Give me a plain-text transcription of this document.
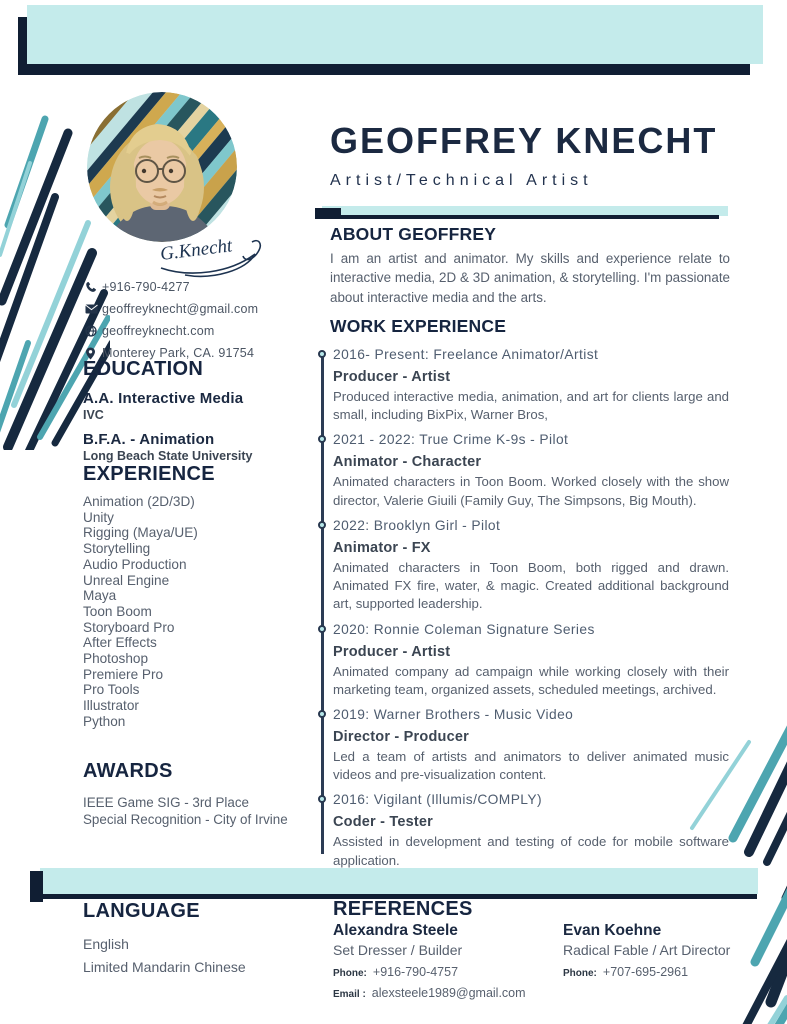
G.Knecht
+916-790-4277
geoffreyknecht@gmail.com
geoffreyknecht.com
Monterey Park, CA. 91754
EDUCATION
A.A. Interactive Media
IVC
B.F.A. - Animation
Long Beach State University
EXPERIENCE
Animation (2D/3D)
Unity
Rigging (Maya/UE)
Storytelling
Audio Production
Unreal Engine
Maya
Toon Boom
Storyboard Pro
After Effects
Photoshop
Premiere Pro
Pro Tools
Illustrator
Python
AWARDS
IEEE Game SIG - 3rd Place
Special Recognition - City of Irvine
GEOFFREY KNECHT
Artist/Technical Artist
ABOUT GEOFFREY

I am an artist and animator. My skills and experience relate to interactive media, 2D & 3D animation, & storytelling. I'm passionate about interactive media and the arts.

WORK EXPERIENCE
2016- Present: Freelance Animator/Artist
Producer - Artist
Produced interactive media, animation, and art for clients large and small, including BixPix, Warner Bros,
2021 - 2022: True Crime K-9s - Pilot
Animator - Character
Animated characters in Toon Boom. Worked closely with the show director, Valerie Giuili (Family Guy, The Simpsons, Big Mouth).
2022: Brooklyn Girl - Pilot
Animator - FX
Animated characters in Toon Boom, both rigged and drawn. Animated FX fire, water, & magic. Created additional background art, supported leadership.
2020: Ronnie Coleman Signature Series
Producer - Artist
Animated company ad campaign while working closely with their marketing team, organized assets, scheduled meetings, archived.
2019: Warner Brothers - Music Video
Director - Producer
Led a team of artists and animators to deliver animated music videos and pre-visualization content.
2016: Vigilant (Illumis/COMPLY)
Coder - Tester
Assisted in development and testing of code for mobile software application.
LANGUAGE
English
Limited Mandarin Chinese
REFERENCES
Alexandra Steele
Set Dresser / Builder
Phone: +916-790-4757
Email : alexsteele1989@gmail.com
Evan Koehne
Radical Fable / Art Director
Phone: +707-695-2961
